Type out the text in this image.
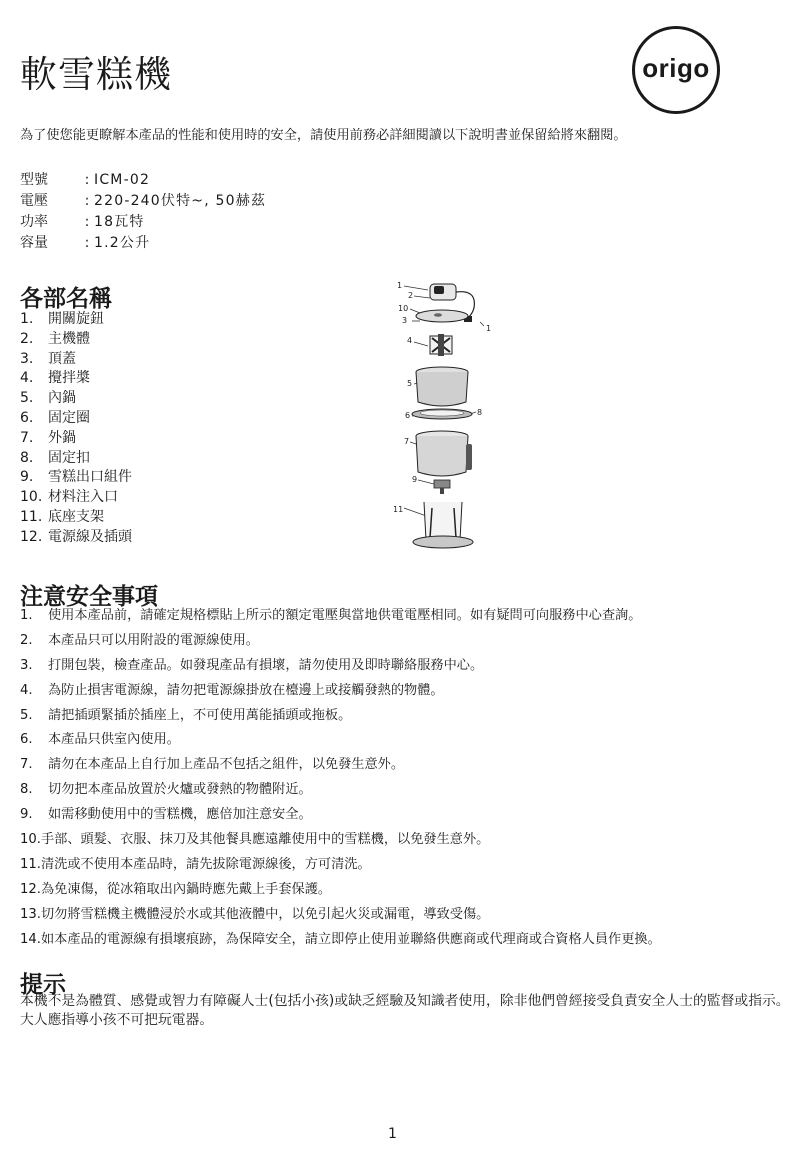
軟雪糕機	origo

為了使您能更瞭解本產品的性能和使用時的安全，請使用前務必詳細閱讀以下說明書並保留給將來翻閱。

型號	: ICM-02
電壓	: 220-240伏特~, 50赫茲
功率	: 18瓦特
容量	: 1.2公升
各部名稱
1. 開關旋鈕
2. 主機體
3. 頂蓋
4. 攪拌槳
5. 內鍋
6. 固定圈
7. 外鍋
8. 固定扣
9. 雪糕出口組件
10. 材料注入口
11. 底座支架
12. 電源線及插頭
1
2
10
3
1
4
5
6	8
7
9
11
注意安全事項
1. 使用本產品前，請確定規格標貼上所示的額定電壓與當地供電電壓相同。如有疑問可向服務中心查詢。
2. 本產品只可以用附設的電源線使用。
3. 打開包裝，檢查產品。如發現產品有損壞，請勿使用及即時聯絡服務中心。
4. 為防止損害電源線，請勿把電源線掛放在檯邊上或接觸發熱的物體。
5. 請把插頭緊插於插座上，不可使用萬能插頭或拖板。
6. 本產品只供室內使用。
7. 請勿在本產品上自行加上產品不包括之組件，以免發生意外。
8. 切勿把本產品放置於火爐或發熱的物體附近。
9. 如需移動使用中的雪糕機，應倍加注意安全。
10.手部、頭髮、衣服、抹刀及其他餐具應遠離使用中的雪糕機，以免發生意外。
11.清洗或不使用本產品時，請先拔除電源線後，方可清洗。
12.為免凍傷，從冰箱取出內鍋時應先戴上手套保護。
13.切勿將雪糕機主機體浸於水或其他液體中，以免引起火災或漏電，導致受傷。
14.如本產品的電源線有損壞痕跡，為保障安全，請立即停止使用並聯絡供應商或代理商或合資格人員作更換。
提示
本機不是為體質、感覺或智力有障礙人士(包括小孩)或缺乏經驗及知識者使用，除非他們曾經接受負責安全人士的監督或指示。
大人應指導小孩不可把玩電器。
1
